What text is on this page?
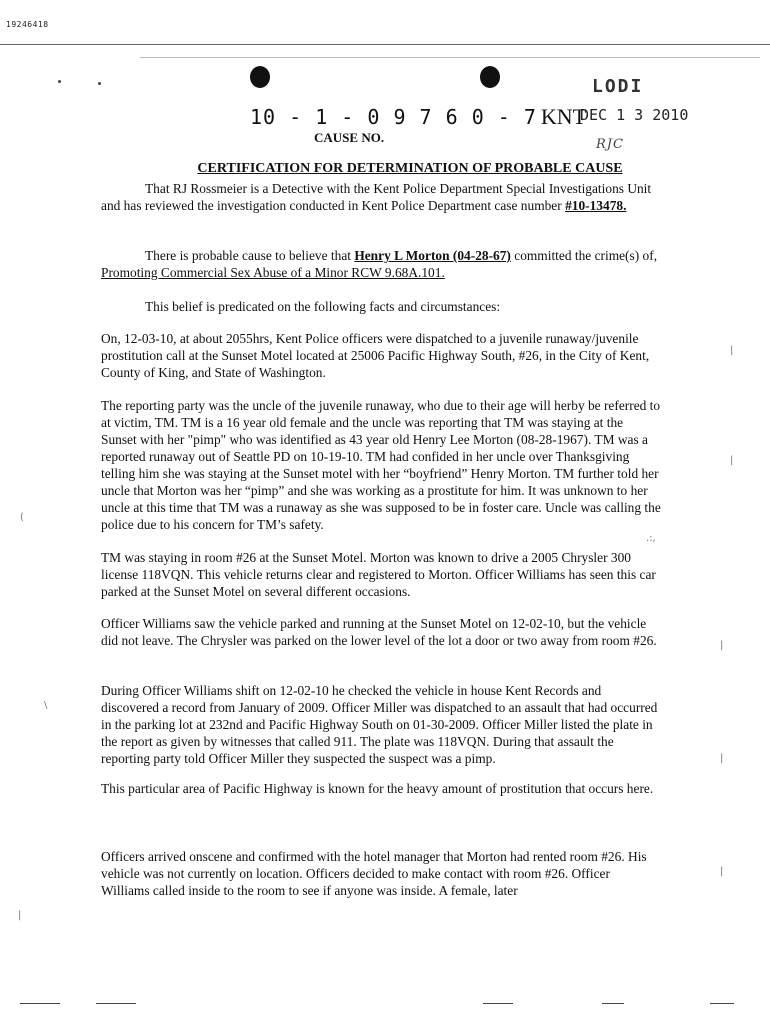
19246418
LODI
DEC 1 3 2010
RJC
10 - 1 - 0 9 7 6 0 - 7 KNT
CAUSE NO.
CERTIFICATION FOR DETERMINATION OF PROBABLE CAUSE

That RJ Rossmeier is a Detective with the Kent Police Department Special Investigations Unit and has reviewed the investigation conducted in Kent Police Department case number #10-13478.

There is probable cause to believe that Henry L Morton (04-28-67) committed the crime(s) of, Promoting Commercial Sex Abuse of a Minor RCW 9.68A.101.

This belief is predicated on the following facts and circumstances:

On, 12-03-10, at about 2055hrs, Kent Police officers were dispatched to a juvenile runaway/juvenile prostitution call at the Sunset Motel located at 25006 Pacific Highway South, #26, in the City of Kent, County of King, and State of Washington.

The reporting party was the uncle of the juvenile runaway, who due to their age will herby be referred to at victim, TM. TM is a 16 year old female and the uncle was reporting that TM was staying at the Sunset with her "pimp" who was identified as 43 year old Henry Lee Morton (08-28-1967). TM was a reported runaway out of Seattle PD on 10-19-10. TM had confided in her uncle over Thanksgiving telling him she was staying at the Sunset motel with her “boyfriend” Henry Morton. TM further told her uncle that Morton was her “pimp” and she was working as a prostitute for him. It was unknown to her uncle at this time that TM was a runaway as she was supposed to be in foster care. Uncle was calling the police due to his concern for TM’s safety.

TM was staying in room #26 at the Sunset Motel. Morton was known to drive a 2005 Chrysler 300 license 118VQN. This vehicle returns clear and registered to Morton. Officer Williams has seen this car parked at the Sunset Motel on several different occasions.

Officer Williams saw the vehicle parked and running at the Sunset Motel on 12-02-10, but the vehicle did not leave. The Chrysler was parked on the lower level of the lot a door or two away from room #26.

During Officer Williams shift on 12-02-10 he checked the vehicle in house Kent Records and discovered a record from January of 2009. Officer Miller was dispatched to an assault that had occurred in the parking lot at 232nd and Pacific Highway South on 01-30-2009. Officer Miller listed the plate in the report as given by witnesses that called 911. The plate was 118VQN. During that assault the reporting party told Officer Miller they suspected the suspect was a pimp.

This particular area of Pacific Highway is known for the heavy amount of prostitution that occurs here.

Officers arrived onscene and confirmed with the hotel manager that Morton had rented room #26. His vehicle was not currently on location. Officers decided to make contact with room #26. Officer Williams called inside to the room to see if anyone was inside. A female, later

|
|
|
|
|
(
\
|
.:,
